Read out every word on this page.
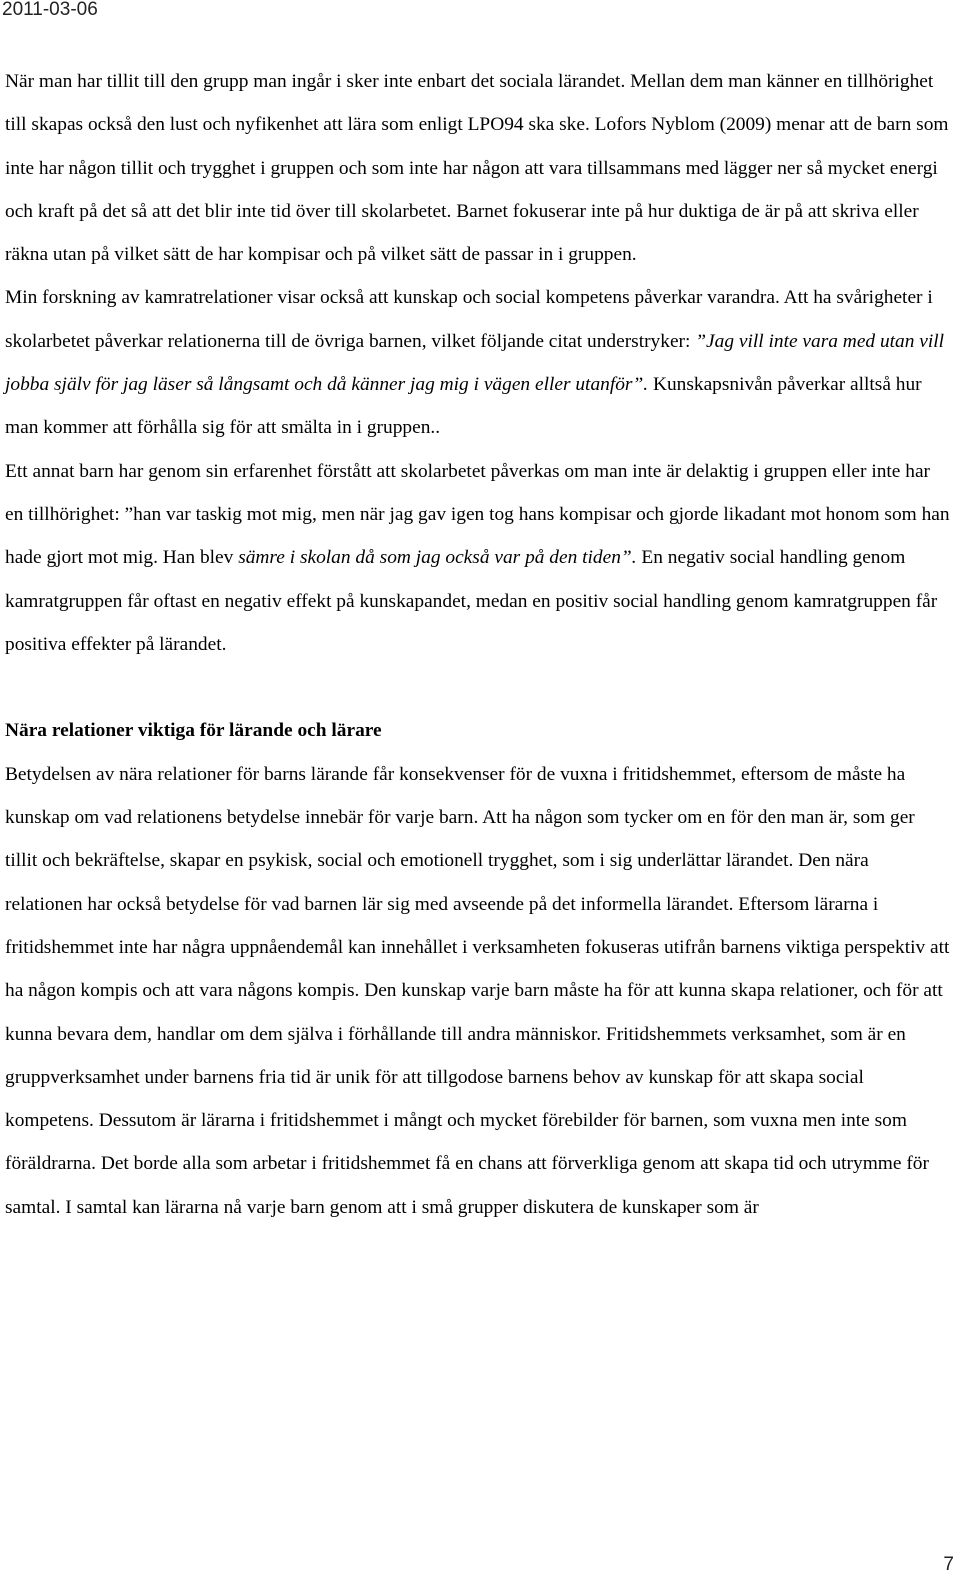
2011-03-06

När man har tillit till den grupp man ingår i sker inte enbart det sociala lärandet. Mellan dem man känner en tillhörighet till skapas också den lust och nyfikenhet att lära som enligt LPO94 ska ske. Lofors Nyblom (2009) menar att de barn som inte har någon tillit och trygghet i gruppen och som inte har någon att vara tillsammans med lägger ner så mycket energi och kraft på det så att det blir inte tid över till skolarbetet. Barnet fokuserar inte på hur duktiga de är på att skriva eller räkna utan på vilket sätt de har kompisar och på vilket sätt de passar in i gruppen.

Min forskning av kamratrelationer visar också att kunskap och social kompetens påverkar varandra. Att ha svårigheter i skolarbetet påverkar relationerna till de övriga barnen, vilket följande citat understryker: ”Jag vill inte vara med utan vill jobba själv för jag läser så långsamt och då känner jag mig i vägen eller utanför”. Kunskapsnivån påverkar alltså hur man kommer att förhålla sig för att smälta in i gruppen..

Ett annat barn har genom sin erfarenhet förstått att skolarbetet påverkas om man inte är delaktig i gruppen eller inte har en tillhörighet: ”han var taskig mot mig, men när jag gav igen tog hans kompisar och gjorde likadant mot honom som han hade gjort mot mig. Han blev sämre i skolan då som jag också var på den tiden”. En negativ social handling genom kamratgruppen får oftast en negativ effekt på kunskapandet, medan en positiv social handling genom kamratgruppen får positiva effekter på lärandet.

Nära relationer viktiga för lärande och lärare

Betydelsen av nära relationer för barns lärande får konsekvenser för de vuxna i fritidshemmet, eftersom de måste ha kunskap om vad relationens betydelse innebär för varje barn. Att ha någon som tycker om en för den man är, som ger tillit och bekräftelse, skapar en psykisk, social och emotionell trygghet, som i sig underlättar lärandet. Den nära relationen har också betydelse för vad barnen lär sig med avseende på det informella lärandet. Eftersom lärarna i fritidshemmet inte har några uppnåendemål kan innehållet i verksamheten fokuseras utifrån barnens viktiga perspektiv att ha någon kompis och att vara någons kompis. Den kunskap varje barn måste ha för att kunna skapa relationer, och för att kunna bevara dem, handlar om dem själva i förhållande till andra människor. Fritidshemmets verksamhet, som är en gruppverksamhet under barnens fria tid är unik för att tillgodose barnens behov av kunskap för att skapa social kompetens. Dessutom är lärarna i fritidshemmet i mångt och mycket förebilder för barnen, som vuxna men inte som föräldrarna. Det borde alla som arbetar i fritidshemmet få en chans att förverkliga genom att skapa tid och utrymme för samtal. I samtal kan lärarna nå varje barn genom att i små grupper diskutera de kunskaper som är

7
